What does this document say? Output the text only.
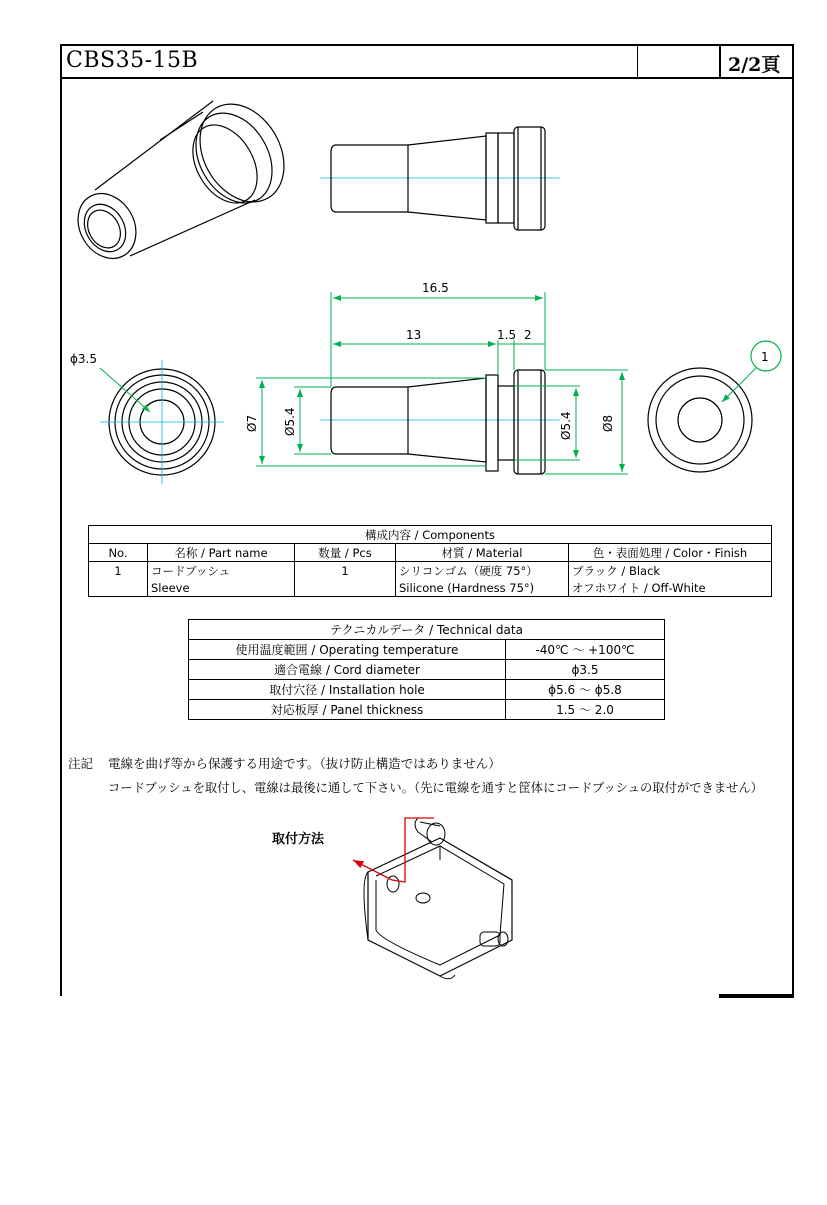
CBS35-15B	2/2頁
ϕ3.5
16.5
13	1.5 2
Ø7 Ø5.4	Ø5.4 Ø8
1
構成内容 / Components				
No.	名称 / Part name	数量 / Pcs	材質 / Material	色・表面処理 / Color・Finish
1	コードブッシュ	1	シリコンゴム（硬度 75°）	ブラック / Black
	Sleeve		Silicone (Hardness 75°)	オフホワイト / Off-White
テクニカルデータ / Technical data	
使用温度範囲 / Operating temperature	-40℃ 〜 +100℃
適合電線 / Cord diameter	ϕ3.5
取付穴径 / Installation hole	ϕ5.6 〜 ϕ5.8
対応板厚 / Panel thickness	1.5 〜 2.0
注記 電線を曲げ等から保護する用途です。（抜け防止構造ではありません）
コードブッシュを取付し、電線は最後に通して下さい。（先に電線を通すと筐体にコードブッシュの取付ができません）
取付方法
